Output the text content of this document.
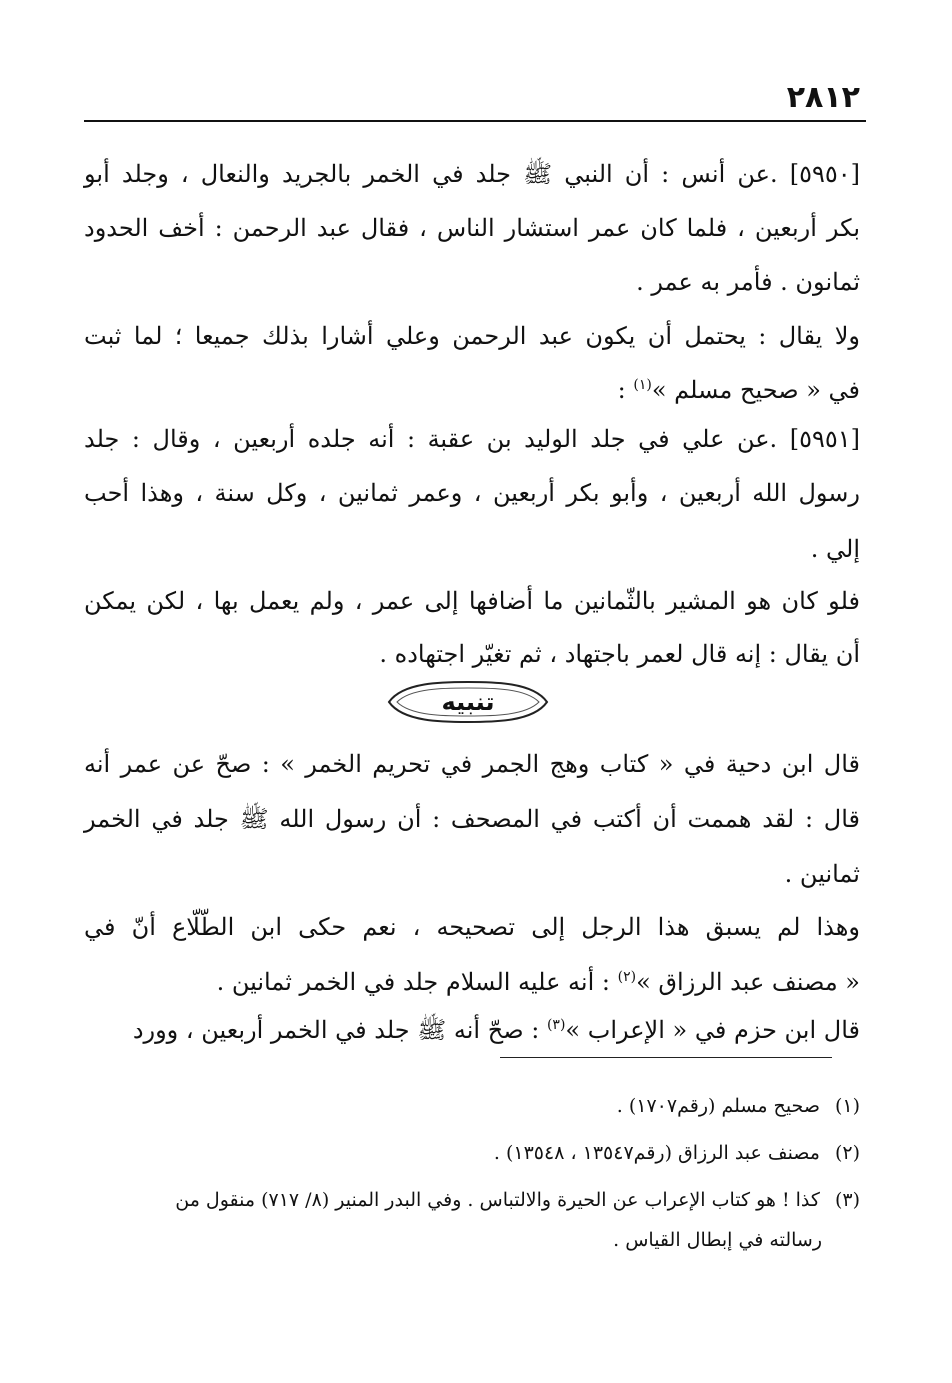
٢٨١٢
[٥٩٥٠] .عن أنس : أن النبي ﷺ جلد في الخمر بالجريد والنعال ، وجلد أبو
بكر أربعين ، فلما كان عمر استشار الناس ، فقال عبد الرحمن : أخف الحدود
ثمانون . فأمر به عمر .
ولا يقال : يحتمل أن يكون عبد الرحمن وعلي أشارا بذلك جميعا ؛ لما ثبت
في « صحيح مسلم »$^{(١)}$ :
[٥٩٥١] .عن علي في جلد الوليد بن عقبة : أنه جلده أربعين ، وقال : جلد
رسول الله أربعين ، وأبو بكر أربعين ، وعمر ثمانين ، وكل سنة ، وهذا أحب
إلي .
فلو كان هو المشير بالثّمانين ما أضافها إلى عمر ، ولم يعمل بها ، لكن يمكن
أن يقال : إنه قال لعمر باجتهاد ، ثم تغيّر اجتهاده .
تنبيه
قال ابن دحية في « كتاب وهج الجمر في تحريم الخمر » : صحّ عن عمر أنه
قال : لقد هممت أن أكتب في المصحف : أن رسول الله ﷺ جلد في الخمر
ثمانين .
وهذا لم يسبق هذا الرجل إلى تصحيحه ، نعم حكى ابن الطّلّاع أنّ في
« مصنف عبد الرزاق »$^{(٢)}$ : أنه عليه السلام جلد في الخمر ثمانين .
قال ابن حزم في « الإعراب »$^{(٣)}$ : صحّ أنه ﷺ جلد في الخمر أربعين ، وورد
(١) صحيح مسلم (رقم١٧٠٧) .
(٢) مصنف عبد الرزاق (رقم١٣٥٤٧ ، ١٣٥٤٨) .
(٣) كذا ! هو كتاب الإعراب عن الحيرة والالتباس . وفي البدر المنير (٨/ ٧١٧) منقول من
رسالته في إبطال القياس .
